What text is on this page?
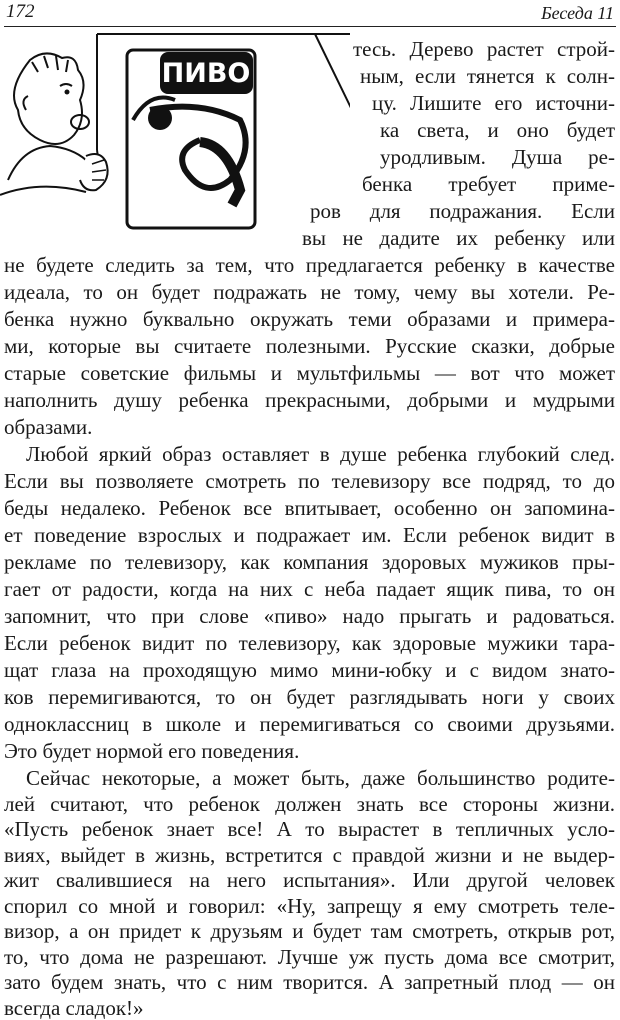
172	Беседа 11
ПИВО
тесь. Дерево растет строй-
ным, если тянется к солн-
цу. Лишите его источни-
ка света, и оно будет
уродливым. Душа ре-
бенка требует приме-
ров для подражания. Если
вы не дадите их ребенку или
не будете следить за тем, что предлагается ребенку в качестве
идеала, то он будет подражать не тому, чему вы хотели. Ре-
бенка нужно буквально окружать теми образами и примера-
ми, которые вы считаете полезными. Русские сказки, добрые
старые советские фильмы и мультфильмы — вот что может
наполнить душу ребенка прекрасными, добрыми и мудрыми
образами.
Любой яркий образ оставляет в душе ребенка глубокий след.
Если вы позволяете смотреть по телевизору все подряд, то до
беды недалеко. Ребенок все впитывает, особенно он запомина-
ет поведение взрослых и подражает им. Если ребенок видит в
рекламе по телевизору, как компания здоровых мужиков пры-
гает от радости, когда на них с неба падает ящик пива, то он
запомнит, что при слове «пиво» надо прыгать и радоваться.
Если ребенок видит по телевизору, как здоровые мужики тара-
щат глаза на проходящую мимо мини-юбку и с видом знато-
ков перемигиваются, то он будет разглядывать ноги у своих
одноклассниц в школе и перемигиваться со своими друзьями.
Это будет нормой его поведения.
Сейчас некоторые, а может быть, даже большинство родите-
лей считают, что ребенок должен знать все стороны жизни.
«Пусть ребенок знает все! А то вырастет в тепличных усло-
виях, выйдет в жизнь, встретится с правдой жизни и не выдер-
жит свалившиеся на него испытания». Или другой человек
спорил со мной и говорил: «Ну, запрещу я ему смотреть теле-
визор, а он придет к друзьям и будет там смотреть, открыв рот,
то, что дома не разрешают. Лучше уж пусть дома все смотрит,
зато будем знать, что с ним творится. А запретный плод — он
всегда сладок!»
